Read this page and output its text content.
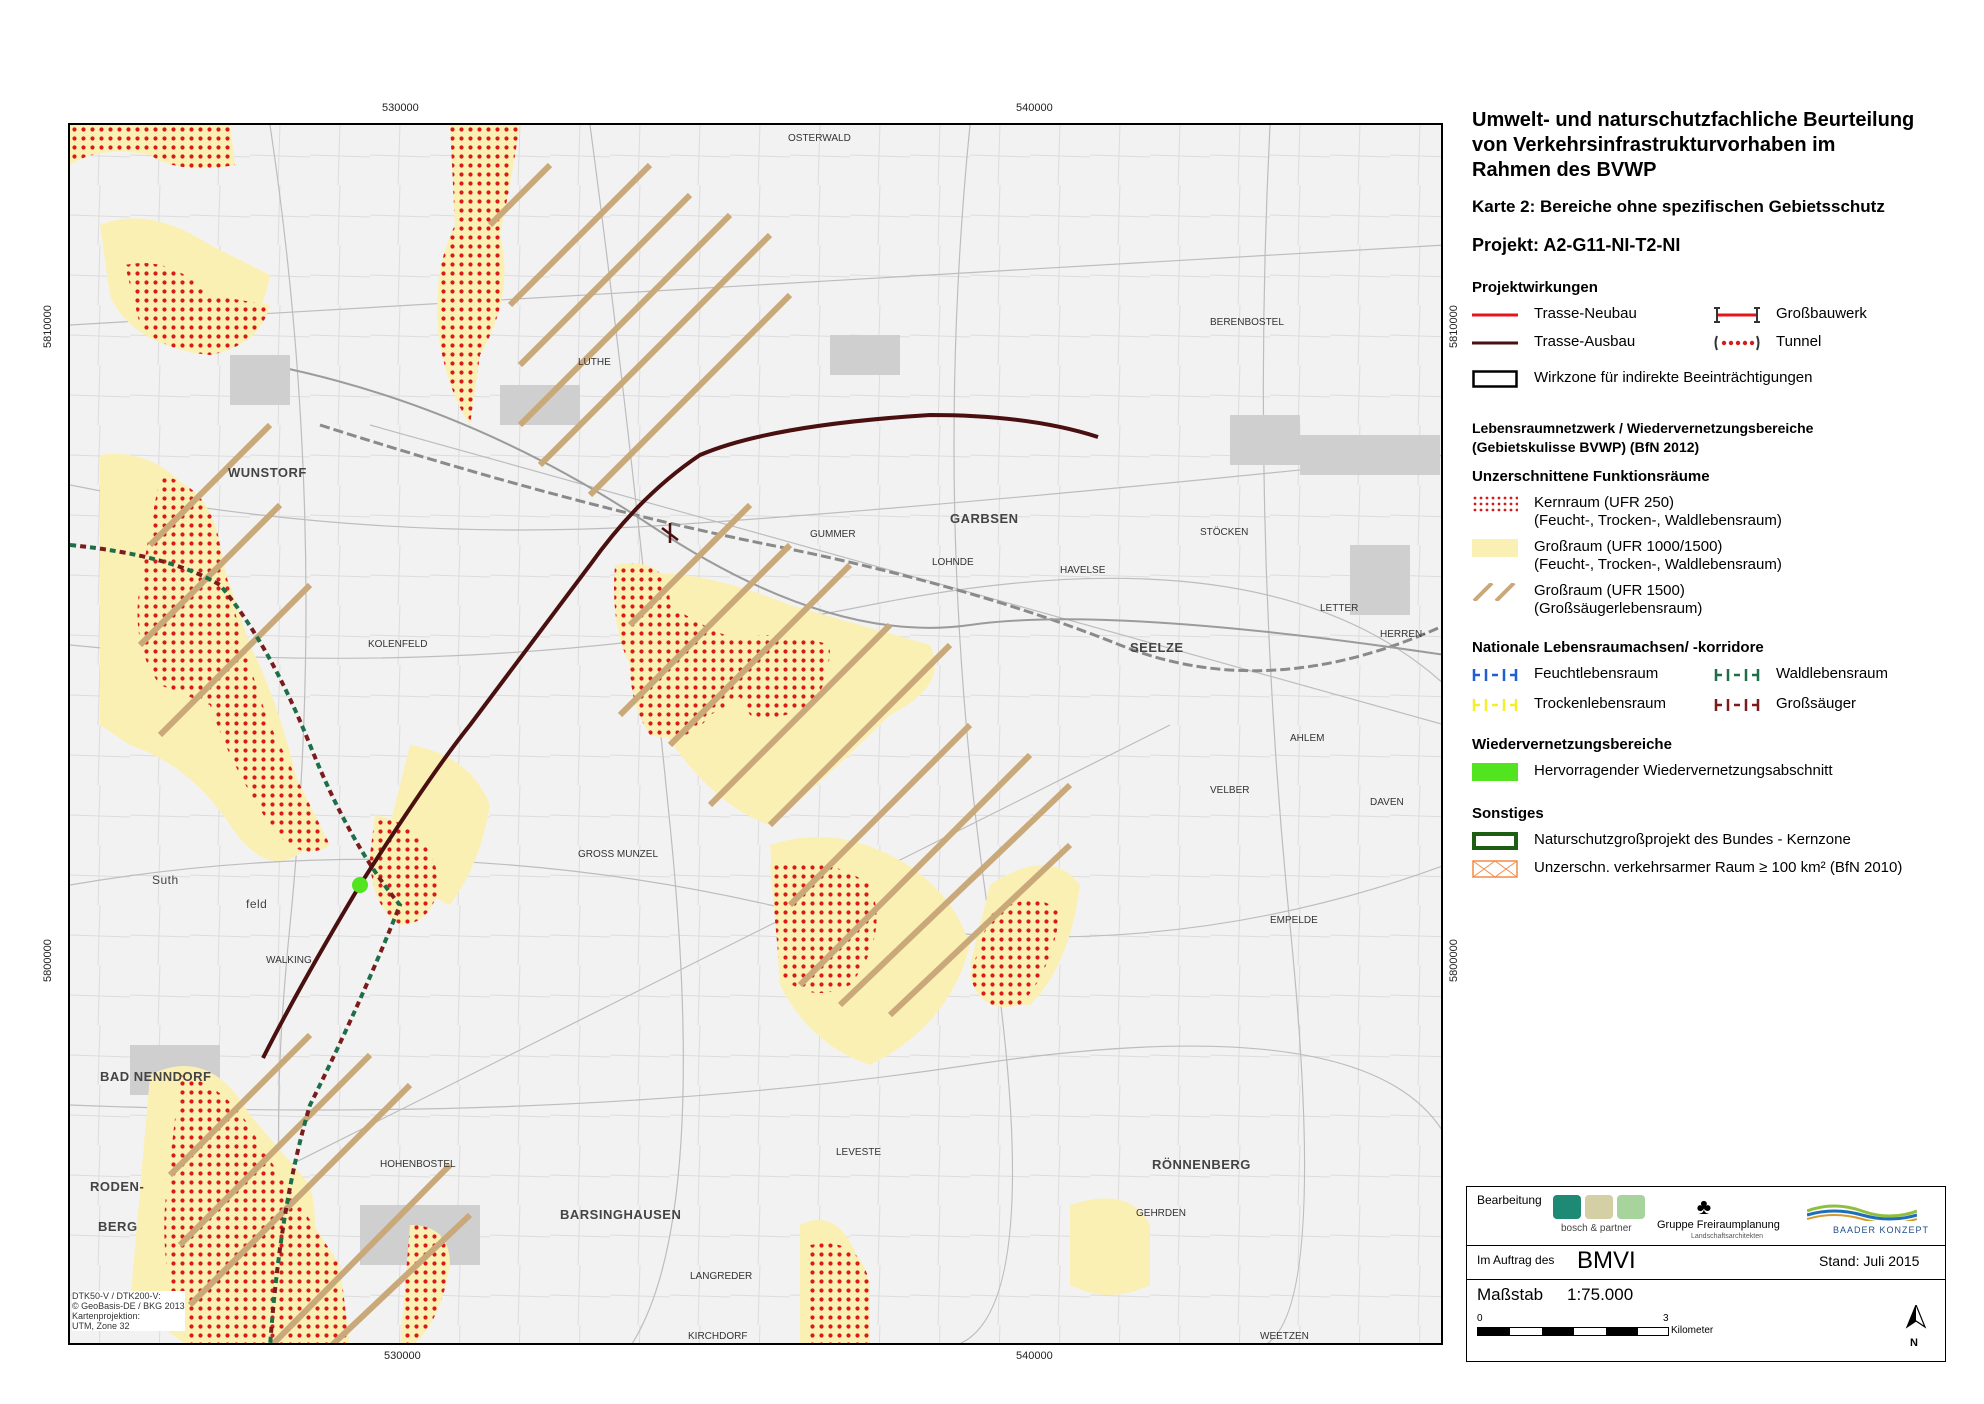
WUNSTORF
GARBSEN
SEELZE
BAD NENNDORF
BARSINGHAUSEN
RÖNNENBERG
RODEN-
BERG
GEHRDEN
STÖCKEN
LUTHE
OSTERWALD
BERENBOSTEL
KOLENFELD
GROSS MUNZEL
HAVELSE
LETTER
AHLEM
VELBER
EMPELDE
GUMMER
LOHNDE
Suth
feld
WALKING
LANGREDER
LEVESTE
KIRCHDORF
HOHENBOSTEL
WEETZEN
DAVEN
HERREN-
DTK50-V / DTK200-V:
© GeoBasis-DE / BKG 2013
Kartenprojektion:
UTM, Zone 32
530000	540000
530000	540000
5810000
5800000
5810000
5800000
Umwelt- und naturschutzfachliche Beurteilung
von Verkehrsinfrastrukturvorhaben im
Rahmen des BVWP
Karte 2: Bereiche ohne spezifischen Gebietsschutz
Projekt: A2-G11-NI-T2-NI
Projektwirkungen
Trasse-Neubau	Großbauwerk
Trasse-Ausbau	Tunnel
Wirkzone für indirekte Beeinträchtigungen
Lebensraumnetzwerk / Wiedervernetzungsbereiche
(Gebietskulisse BVWP) (BfN 2012)
Unzerschnittene Funktionsräume
Kernraum (UFR 250)
(Feucht-, Trocken-, Waldlebensraum)
Großraum (UFR 1000/1500)
(Feucht-, Trocken-, Waldlebensraum)
Großraum (UFR 1500)
(Großsäugerlebensraum)
Nationale Lebensraumachsen/ -korridore
Feuchtlebensraum	Waldlebensraum
Trockenlebensraum	Großsäuger
Wiedervernetzungsbereiche
Hervorragender Wiedervernetzungsabschnitt
Sonstiges
Naturschutzgroßprojekt des Bundes - Kernzone
Unzerschn. verkehrsarmer Raum ≥ 100 km² (BfN 2010)
Bearbeitung
bosch & partner
♣
Gruppe Freiraumplanung
Landschaftsarchitekten
BAADER KONZEPT
Im Auftrag des BMVI	Stand: Juli 2015
Maßstab 1:75.000
0	3
Kilometer
N
